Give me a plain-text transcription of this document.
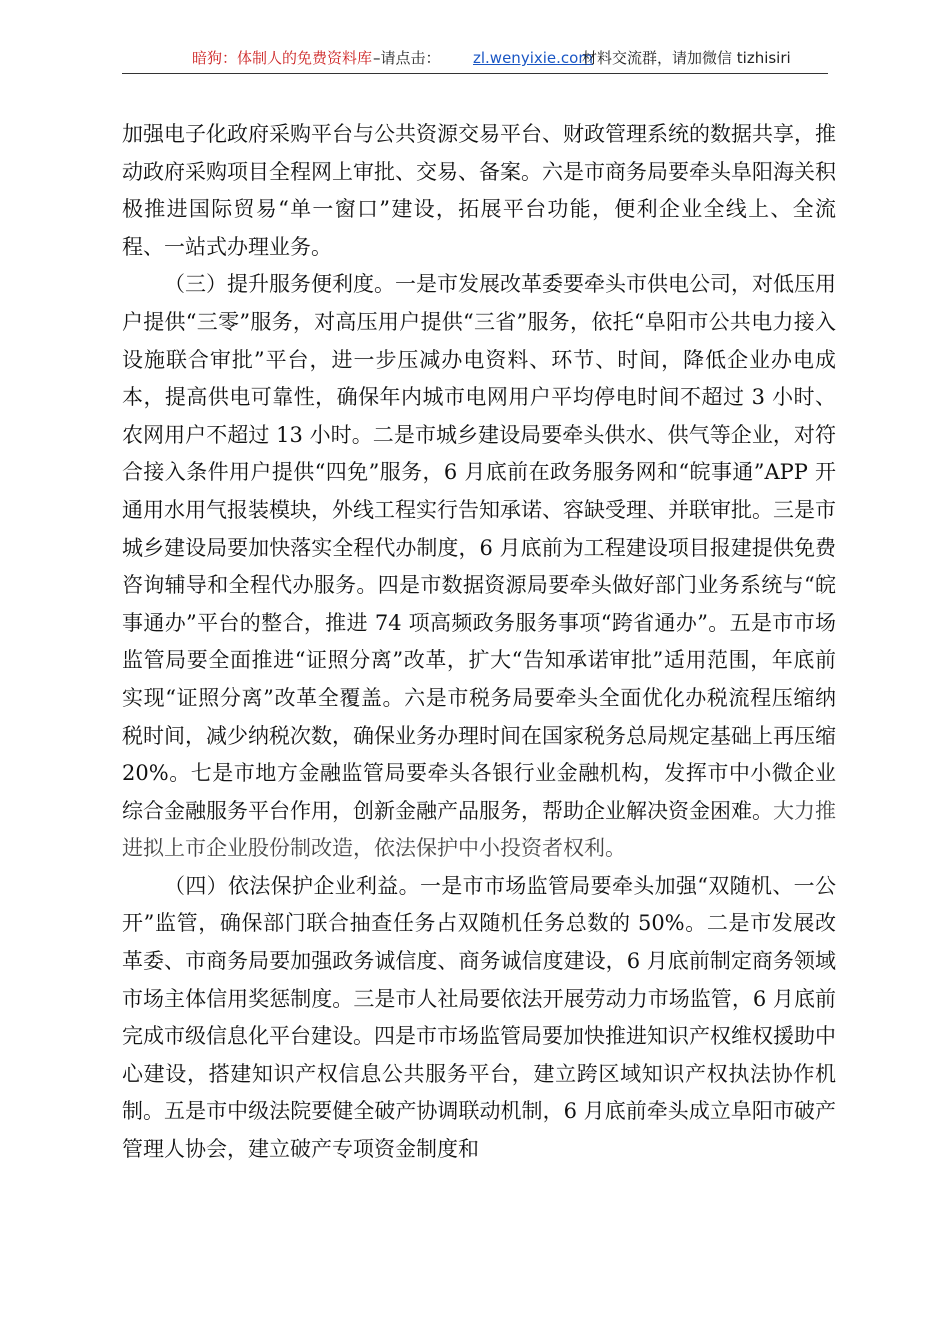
暗狗：体制人的免费资料库 –请点击： zl.wenyixie.com
材料交流群，请加微信 tizhisiri

加强电子化政府采购平台与公共资源交易平台、财政管理系统的数据共享，推动政府采购项目全程网上审批、交易、备案。六是市商务局要牵头阜阳海关积极推进国际贸易“单一窗口”建设，拓展平台功能，便利企业全线上、全流程、一站式办理业务。

（三）提升服务便利度。一是市发展改革委要牵头市供电公司，对低压用户提供“三零”服务，对高压用户提供“三省”服务，依托“阜阳市公共电力接入设施联合审批”平台，进一步压减办电资料、环节、时间，降低企业办电成本，提高供电可靠性，确保年内城市电网用户平均停电时间不超过 3 小时、农网用户不超过 13 小时。二是市城乡建设局要牵头供水、供气等企业，对符合接入条件用户提供“四免”服务，6 月底前在政务服务网和“皖事通”APP 开通用水用气报装模块，外线工程实行告知承诺、容缺受理、并联审批。三是市城乡建设局要加快落实全程代办制度，6 月底前为工程建设项目报建提供免费咨询辅导和全程代办服务。四是市数据资源局要牵头做好部门业务系统与“皖事通办”平台的整合，推进 74 项高频政务服务事项“跨省通办”。五是市市场监管局要全面推进“证照分离”改革，扩大“告知承诺审批”适用范围，年底前实现“证照分离”改革全覆盖。六是市税务局要牵头全面优化办税流程压缩纳税时间，减少纳税次数，确保业务办理时间在国家税务总局规定基础上再压缩 20%。七是市地方金融监管局要牵头各银行业金融机构，发挥市中小微企业综合金融服务平台作用，创新金融产品服务，帮助企业解决资金困难。大力推进拟上市企业股份制改造，依法保护中小投资者权利。

（四）依法保护企业利益。一是市市场监管局要牵头加强“双随机、一公开”监管，确保部门联合抽查任务占双随机任务总数的 50%。二是市发展改革委、市商务局要加强政务诚信度、商务诚信度建设，6 月底前制定商务领域市场主体信用奖惩制度。三是市人社局要依法开展劳动力市场监管，6 月底前完成市级信息化平台建设。四是市市场监管局要加快推进知识产权维权援助中心建设，搭建知识产权信息公共服务平台，建立跨区域知识产权执法协作机制。五是市中级法院要健全破产协调联动机制，6 月底前牵头成立阜阳市破产管理人协会，建立破产专项资金制度和
